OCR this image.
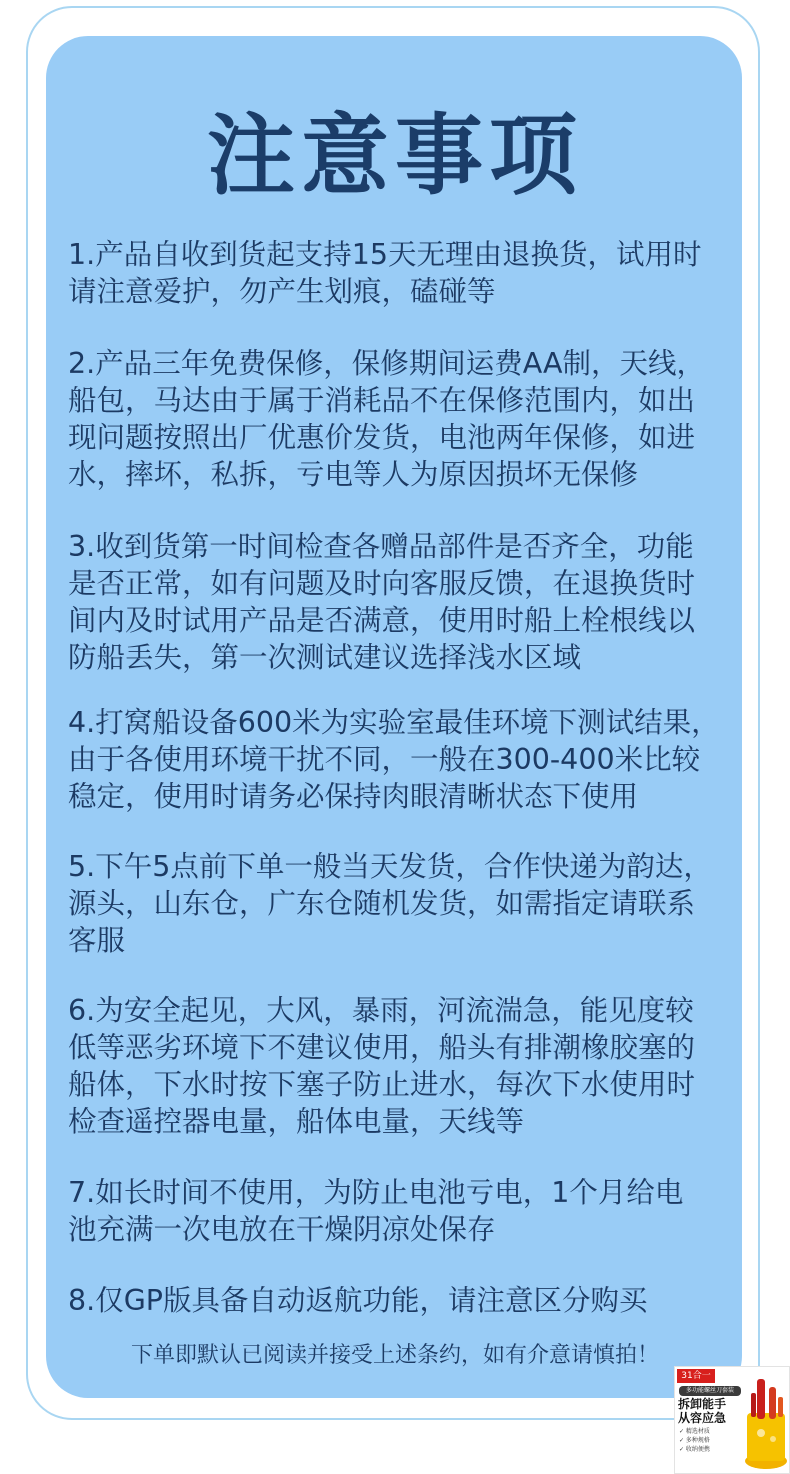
注意事项
1.产品自收到货起支持15天无理由退换货，试用时
请注意爱护，勿产生划痕，磕碰等
2.产品三年免费保修，保修期间运费AA制，天线，
船包，马达由于属于消耗品不在保修范围内，如出
现问题按照出厂优惠价发货，电池两年保修，如进
水，摔坏，私拆，亏电等人为原因损坏无保修
3.收到货第一时间检查各赠品部件是否齐全，功能
是否正常，如有问题及时向客服反馈，在退换货时
间内及时试用产品是否满意，使用时船上栓根线以
防船丢失，第一次测试建议选择浅水区域
4.打窝船设备600米为实验室最佳环境下测试结果，
由于各使用环境干扰不同，一般在300-400米比较
稳定，使用时请务必保持肉眼清晰状态下使用
5.下午5点前下单一般当天发货，合作快递为韵达，
源头，山东仓，广东仓随机发货，如需指定请联系
客服
6.为安全起见，大风，暴雨，河流湍急，能见度较
低等恶劣环境下不建议使用，船头有排潮橡胶塞的
船体，下水时按下塞子防止进水，每次下水使用时
检查遥控器电量，船体电量，天线等
7.如长时间不使用，为防止电池亏电，1个月给电
池充满一次电放在干燥阴凉处保存
8.仅GP版具备自动返航功能，请注意区分购买
下单即默认已阅读并接受上述条约，如有介意请慎拍！
31合一
多功能螺丝刀套装
拆卸能手 从容应急
✓ 精选材质
✓ 多种规格
✓ 收纳便携
